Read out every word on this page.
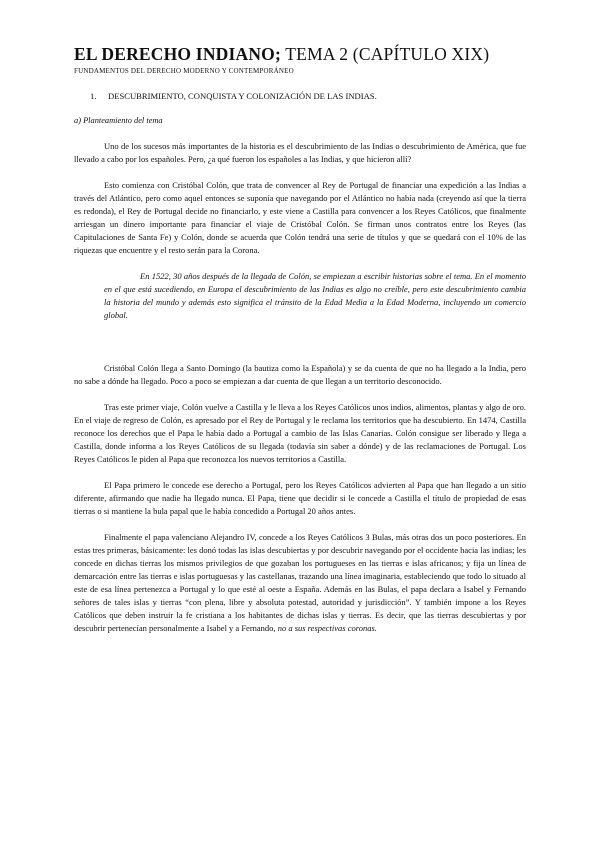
EL DERECHO INDIANO; TEMA 2 (CAPÍTULO XIX)
FUNDAMENTOS DEL DERECHO MODERNO Y CONTEMPORÁNEO
1.	DESCUBRIMIENTO, CONQUISTA Y COLONIZACIÓN DE LAS INDIAS.
a) Planteamiento del tema

Uno de los sucesos más importantes de la historia es el descubrimiento de las Indias o descubrimiento de América, que fue llevado a cabo por los españoles. Pero, ¿a qué fueron los españoles a las Indias, y que hicieron allí?

Esto comienza con Cristóbal Colón, que trata de convencer al Rey de Portugal de financiar una expedición a las Indias a través del Atlántico, pero como aquel entonces se suponía que navegando por el Atlántico no había nada (creyendo así que la tierra es redonda), el Rey de Portugal decide no financiarlo, y este viene a Castilla para convencer a los Reyes Católicos, que finalmente arriesgan un dinero importante para financiar el viaje de Cristóbal Colón. Se firman unos contratos entre los Reyes (las Capitulaciones de Santa Fe) y Colón, donde se acuerda que Colón tendrá una serie de títulos y que se quedará con el 10% de las riquezas que encuentre y el resto serán para la Corona.

En 1522, 30 años después de la llegada de Colón, se empiezan a escribir historias sobre el tema. En el momento en el que está sucediendo, en Europa el descubrimiento de las Indias es algo no creíble, pero este descubrimiento cambia la historia del mundo y además esto significa el tránsito de la Edad Media a la Edad Moderna, incluyendo un comercio global.

Cristóbal Colón llega a Santo Domingo (la bautiza como la Española) y se da cuenta de que no ha llegado a la India, pero no sabe a dónde ha llegado. Poco a poco se empiezan a dar cuenta de que llegan a un territorio desconocido.

Tras este primer viaje, Colón vuelve a Castilla y le lleva a los Reyes Católicos unos indios, alimentos, plantas y algo de oro. En el viaje de regreso de Colón, es apresado por el Rey de Portugal y le reclama los territorios que ha descubierto. En 1474, Castilla reconoce los derechos que el Papa le había dado a Portugal a cambio de las Islas Canarias. Colón consigue ser liberado y llega a Castilla, donde informa a los Reyes Católicos de su llegada (todavía sin saber a dónde) y de las reclamaciones de Portugal. Los Reyes Católicos le piden al Papa que reconozca los nuevos territorios a Castilla.

El Papa primero le concede ese derecho a Portugal, pero los Reyes Católicos advierten al Papa que han llegado a un sitio diferente, afirmando que nadie ha llegado nunca. El Papa, tiene que decidir si le concede a Castilla el título de propiedad de esas tierras o si mantiene la bula papal que le había concedido a Portugal 20 años antes.

Finalmente el papa valenciano Alejandro IV, concede a los Reyes Católicos 3 Bulas, más otras dos un poco posteriores. En estas tres primeras, básicamente: les donó todas las islas descubiertas y por descubrir navegando por el occidente hacia las indias; les concede en dichas tierras los mismos privilegios de que gozaban los portugueses en las tierras e islas africanos; y fija un línea de demarcación entre las tierras e islas portuguesas y las castellanas, trazando una línea imaginaria, estableciendo que todo lo situado al este de esa línea pertenezca a Portugal y lo que esté al oeste a España. Además en las Bulas, el papa declara a Isabel y Fernando señores de tales islas y tierras “con plena, libre y absoluta potestad, autoridad y jurisdicción”. Y también impone a los Reyes Católicos que deben instruir la fe cristiana a los habitantes de dichas islas y tierras. Es decir, que las tierras descubiertas y por descubrir pertenecían personalmente a Isabel y a Fernando, no a sus respectivas coronas.
